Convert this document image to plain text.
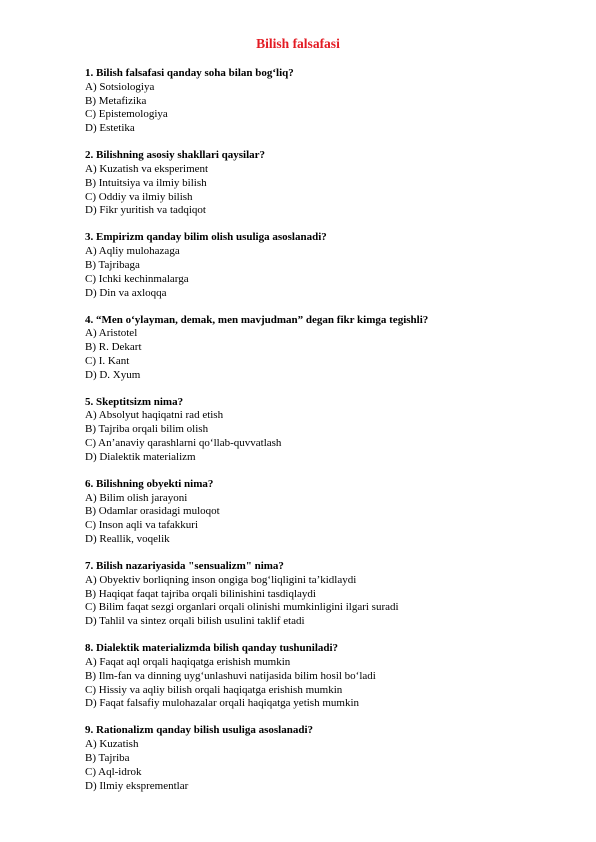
Bilish falsafasi
1. Bilish falsafasi qanday soha bilan bog‘liq?
A) Sotsiologiya
B) Metafizika
C) Epistemologiya
D) Estetika
2. Bilishning asosiy shakllari qaysilar?
A) Kuzatish va eksperiment
B) Intuitsiya va ilmiy bilish
C) Oddiy va ilmiy bilish
D) Fikr yuritish va tadqiqot
3. Empirizm qanday bilim olish usuliga asoslanadi?
A) Aqliy mulohazaga
B) Tajribaga
C) Ichki kechinmalarga
D) Din va axloqqa
4. “Men o‘ylayman, demak, men mavjudman” degan fikr kimga tegishli?
A) Aristotel
B) R. Dekart
C) I. Kant
D) D. Xyum
5. Skeptitsizm nima?
A) Absolyut haqiqatni rad etish
B) Tajriba orqali bilim olish
C) An’anaviy qarashlarni qo‘llab-quvvatlash
D) Dialektik materializm
6. Bilishning obyekti nima?
A) Bilim olish jarayoni
B) Odamlar orasidagi muloqot
C) Inson aqli va tafakkuri
D) Reallik, voqelik
7. Bilish nazariyasida "sensualizm" nima?
A) Obyektiv borliqning inson ongiga bog‘liqligini ta’kidlaydi
B) Haqiqat faqat tajriba orqali bilinishini tasdiqlaydi
C) Bilim faqat sezgi organlari orqali olinishi mumkinligini ilgari suradi
D) Tahlil va sintez orqali bilish usulini taklif etadi
8. Dialektik materializmda bilish qanday tushuniladi?
A) Faqat aql orqali haqiqatga erishish mumkin
B) Ilm-fan va dinning uyg‘unlashuvi natijasida bilim hosil bo‘ladi
C) Hissiy va aqliy bilish orqali haqiqatga erishish mumkin
D) Faqat falsafiy mulohazalar orqali haqiqatga yetish mumkin
9. Rationalizm qanday bilish usuliga asoslanadi?
A) Kuzatish
B) Tajriba
C) Aql-idrok
D) Ilmiy eksprementlar
